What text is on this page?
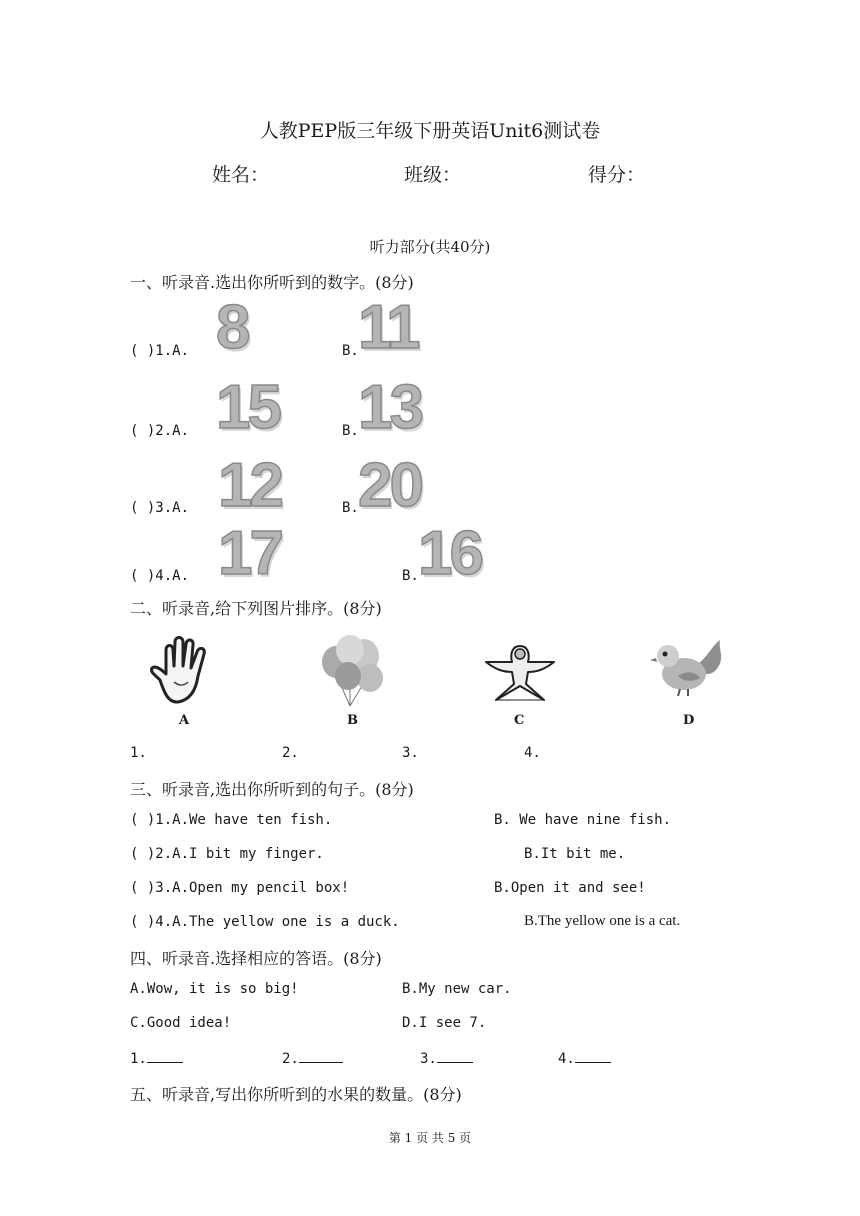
人教PEP版三年级下册英语Unit6测试卷
姓名：	班级：	得分：
听力部分(共40分)
一、听录音.选出你所听到的数字。(8分)
( )1.A. 8	B. 11
( )2.A. 15	B. 13
( )3.A. 12	B. 20
( )4.A. 17	B. 16
二、听录音,给下列图片排序。(8分)
A	B	C	D
1.	2.	3.	4.
三、听录音,选出你所听到的句子。(8分)
( )1.A.We have ten fish.	B. We have nine fish.
( )2.A.I bit my finger.	B.It bit me.
( )3.A.Open my pencil box!	B.Open it and see!
( )4.A.The yellow one is a duck.	B.The yellow one is a cat.
四、听录音.选择相应的答语。(8分)
A.Wow, it is so big!	B.My new car.
C.Good idea!	D.I see 7.
1.	2.	3.	4.
五、听录音,写出你所听到的水果的数量。(8分)
第 1 页 共 5 页
